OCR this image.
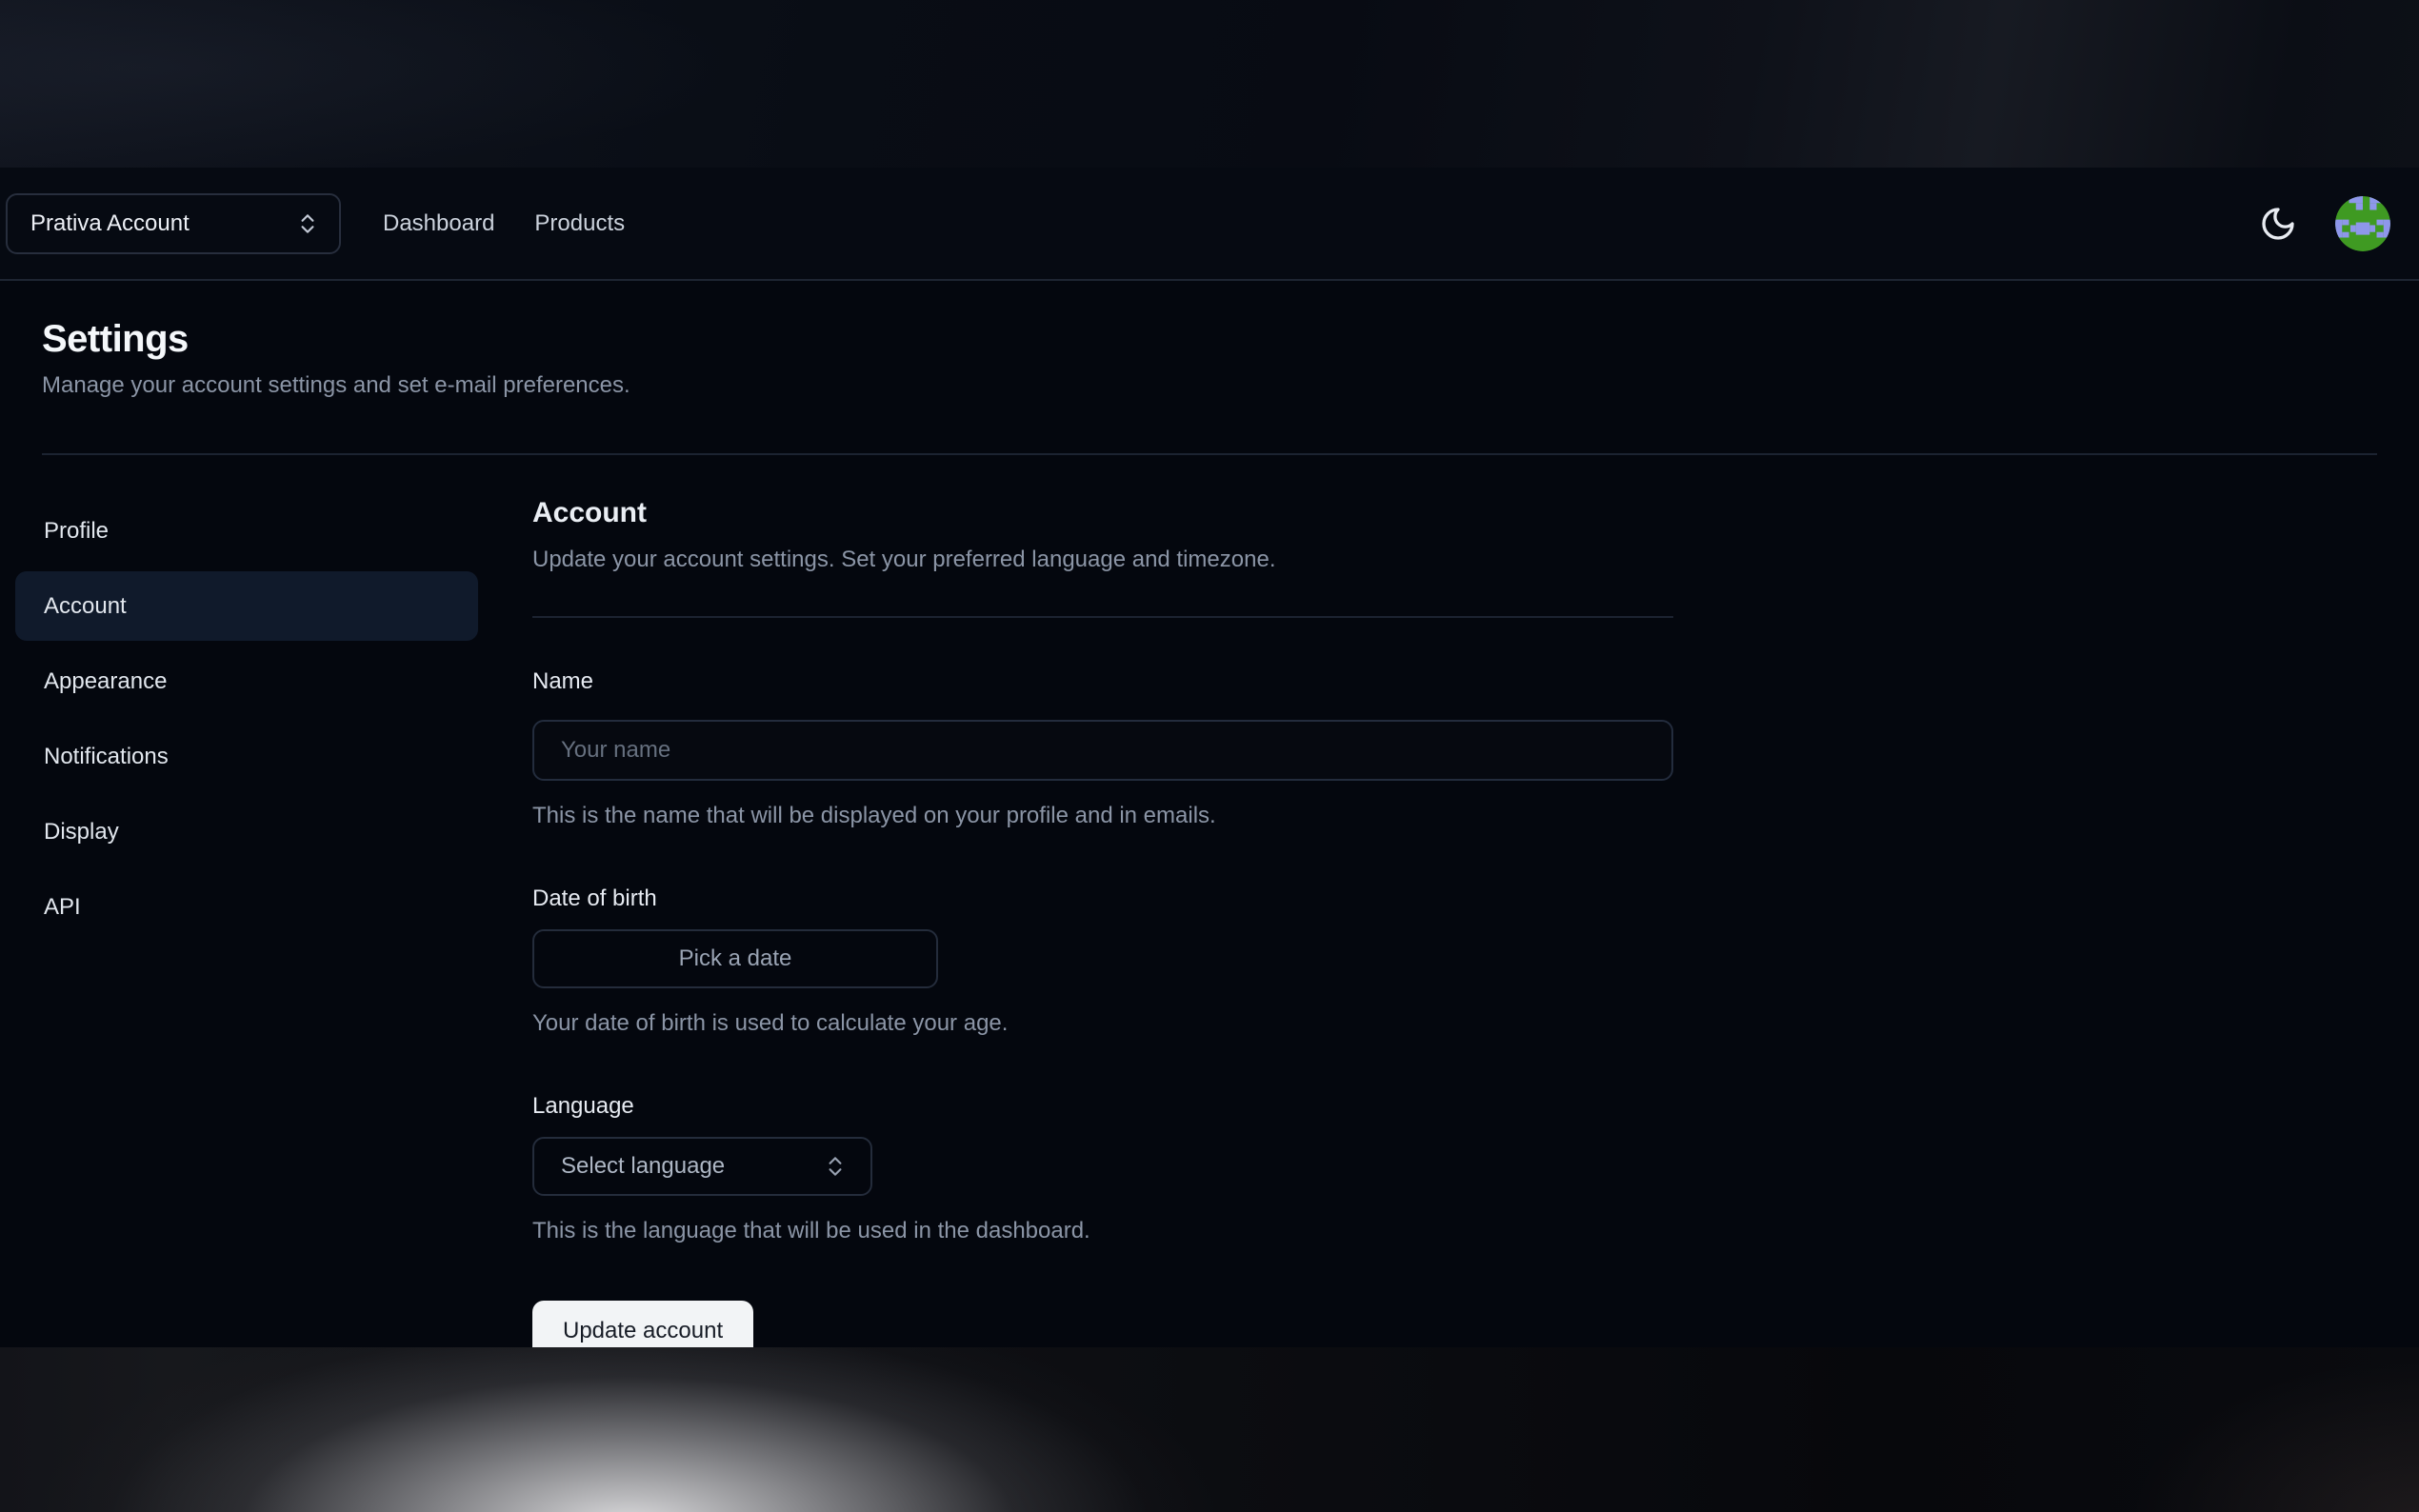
Prativa Account	Dashboard Products
Settings

Manage your account settings and set e-mail preferences.

Profile
Account
Appearance
Notifications
Display
API
Account

Update your account settings. Set your preferred language and timezone.

Name
Your name

This is the name that will be displayed on your profile and in emails.

Date of birth
Pick a date

Your date of birth is used to calculate your age.

Language
Select language

This is the language that will be used in the dashboard.

Update account
